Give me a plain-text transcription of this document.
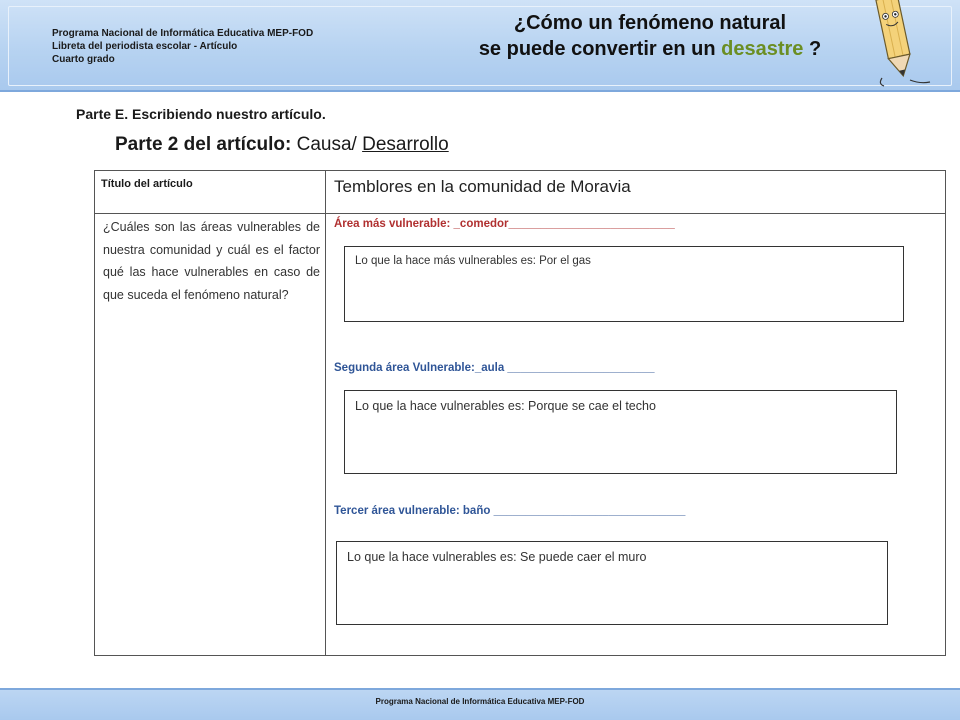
Programa Nacional de Informática Educativa MEP-FOD
Libreta del periodista escolar - Artículo
Cuarto grado
¿Cómo un fenómeno natural
se puede convertir en un desastre ?
Parte E. Escribiendo nuestro artículo.
Parte 2 del artículo: Causa/ Desarrollo
Título del artículo	Temblores en la comunidad de Moravia
¿Cuáles son las áreas vulnerables de nuestra comunidad y cuál es el factor qué las hace vulnerables en caso de que suceda el fenómeno natural?
Área más vulnerable: _comedor__________________________
Lo que la hace más vulnerables es: Por el gas
Segunda área Vulnerable:_aula _______________________
Lo que la hace vulnerables es: Porque se cae el techo
Tercer área vulnerable: baño ______________________________
Lo que la hace vulnerables es: Se puede caer el muro
Programa Nacional de Informática Educativa MEP-FOD
